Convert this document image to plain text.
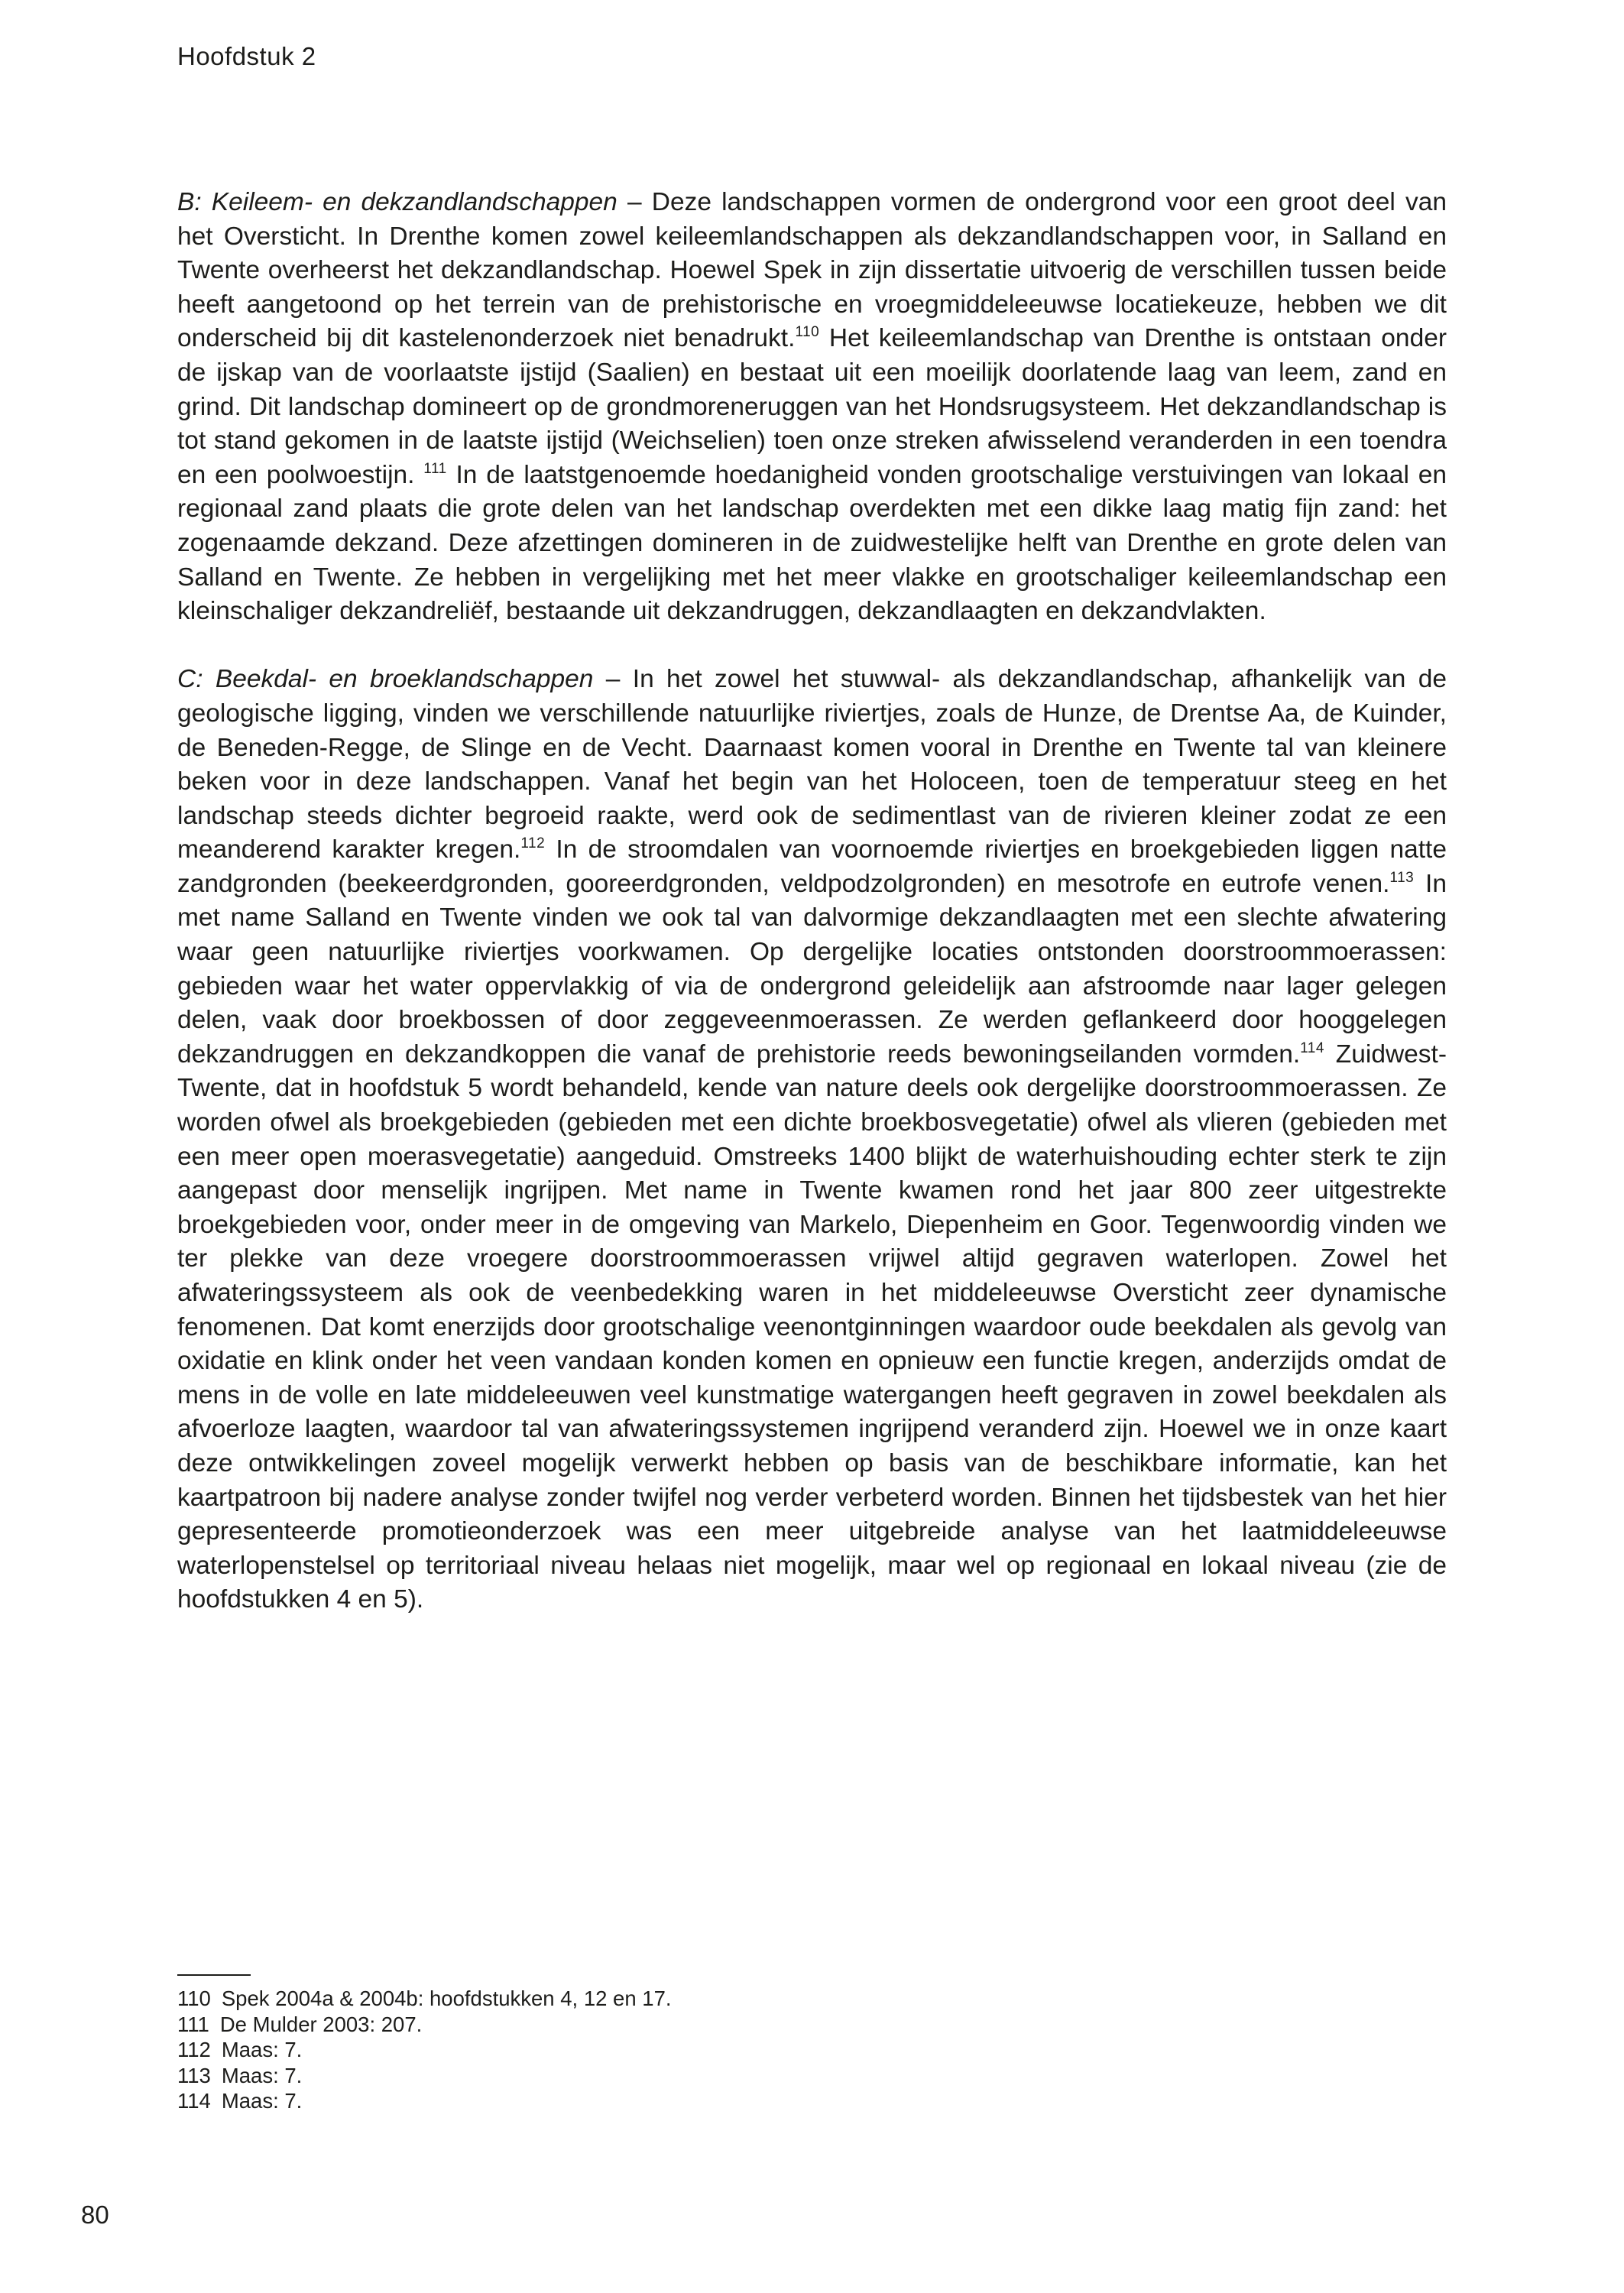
Hoofdstuk 2

B: Keileem- en dekzandlandschappen – Deze landschappen vormen de ondergrond voor een groot deel van het Oversticht. In Drenthe komen zowel keileemlandschappen als dekzandlandschappen voor, in Salland en Twente overheerst het dekzandlandschap. Hoewel Spek in zijn dissertatie uitvoerig de verschillen tussen beide heeft aangetoond op het terrein van de prehistorische en vroegmiddeleeuwse locatiekeuze, hebben we dit onderscheid bij dit kastelenonderzoek niet benadrukt.$^{110}$ Het keileemlandschap van Drenthe is ontstaan onder de ijskap van de voorlaatste ijstijd (Saalien) en bestaat uit een moeilijk doorlatende laag van leem, zand en grind. Dit landschap domineert op de grondmoreneruggen van het Hondsrugsysteem. Het dekzandlandschap is tot stand gekomen in de laatste ijstijd (Weichselien) toen onze streken afwisselend veranderden in een toendra en een poolwoestijn. $^{111}$ In de laatstgenoemde hoedanigheid vonden grootschalige verstuivingen van lokaal en regionaal zand plaats die grote delen van het landschap overdekten met een dikke laag matig fijn zand: het zogenaamde dekzand. Deze afzettingen domineren in de zuidwestelijke helft van Drenthe en grote delen van Salland en Twente. Ze hebben in vergelijking met het meer vlakke en grootschaliger keileemlandschap een kleinschaliger dekzandreliëf, bestaande uit dekzandruggen, dekzandlaagten en dekzandvlakten.

C: Beekdal- en broeklandschappen – In het zowel het stuwwal- als dekzandlandschap, afhankelijk van de geologische ligging, vinden we verschillende natuurlijke riviertjes, zoals de Hunze, de Drentse Aa, de Kuinder, de Beneden-Regge, de Slinge en de Vecht. Daarnaast komen vooral in Drenthe en Twente tal van kleinere beken voor in deze landschappen. Vanaf het begin van het Holoceen, toen de temperatuur steeg en het landschap steeds dichter begroeid raakte, werd ook de sedimentlast van de rivieren kleiner zodat ze een meanderend karakter kregen.$^{112}$ In de stroomdalen van voornoemde riviertjes en broekgebieden liggen natte zandgronden (beekeerdgronden, gooreerdgronden, veldpodzolgronden) en mesotrofe en eutrofe venen.$^{113}$ In met name Salland en Twente vinden we ook tal van dalvormige dekzandlaagten met een slechte afwatering waar geen natuurlijke riviertjes voorkwamen. Op dergelijke locaties ontstonden doorstroommoerassen: gebieden waar het water oppervlakkig of via de ondergrond geleidelijk aan afstroomde naar lager gelegen delen, vaak door broekbossen of door zeggeveenmoerassen. Ze werden geflankeerd door hooggelegen dekzandruggen en dekzandkoppen die vanaf de prehistorie reeds bewoningseilanden vormden.$^{114}$ Zuidwest-Twente, dat in hoofdstuk 5 wordt behandeld, kende van nature deels ook dergelijke doorstroommoerassen. Ze worden ofwel als broekgebieden (gebieden met een dichte broekbosvegetatie) ofwel als vlieren (gebieden met een meer open moerasvegetatie) aangeduid. Omstreeks 1400 blijkt de waterhuishouding echter sterk te zijn aangepast door menselijk ingrijpen. Met name in Twente kwamen rond het jaar 800 zeer uitgestrekte broekgebieden voor, onder meer in de omgeving van Markelo, Diepenheim en Goor. Tegenwoordig vinden we ter plekke van deze vroegere doorstroommoerassen vrijwel altijd gegraven waterlopen. Zowel het afwateringssysteem als ook de veenbedekking waren in het middeleeuwse Oversticht zeer dynamische fenomenen. Dat komt enerzijds door grootschalige veenontginningen waardoor oude beekdalen als gevolg van oxidatie en klink onder het veen vandaan konden komen en opnieuw een functie kregen, anderzijds omdat de mens in de volle en late middeleeuwen veel kunstmatige watergangen heeft gegraven in zowel beekdalen als afvoerloze laagten, waardoor tal van afwateringssystemen ingrijpend veranderd zijn. Hoewel we in onze kaart deze ontwikkelingen zoveel mogelijk verwerkt hebben op basis van de beschikbare informatie, kan het kaartpatroon bij nadere analyse zonder twijfel nog verder verbeterd worden. Binnen het tijdsbestek van het hier gepresenteerde promotieonderzoek was een meer uitgebreide analyse van het laatmiddeleeuwse waterlopenstelsel op territoriaal niveau helaas niet mogelijk, maar wel op regionaal en lokaal niveau (zie de hoofdstukken 4 en 5).

110 Spek 2004a & 2004b: hoofdstukken 4, 12 en 17.
111 De Mulder 2003: 207.
112 Maas: 7.
113 Maas: 7.
114 Maas: 7.
80
